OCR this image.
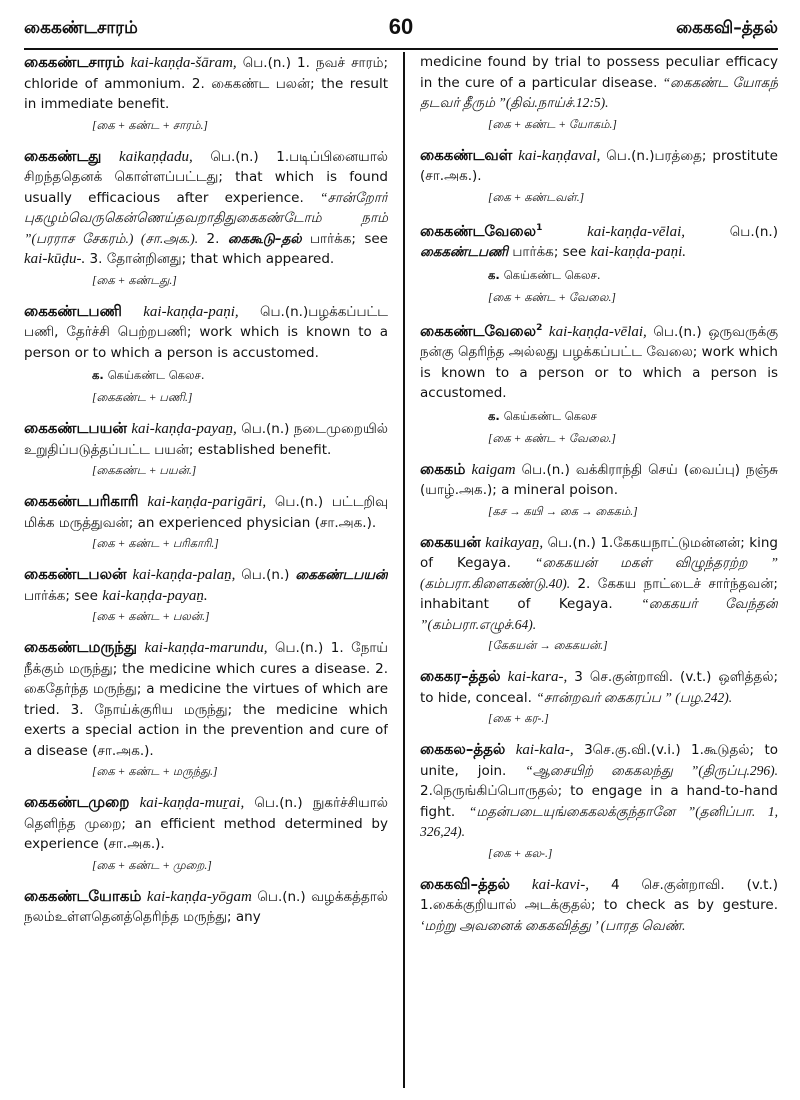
கைகண்டசாரம்	60	கைகவி–த்தல்

கைகண்டசாரம் kai-kaṇḍa-šāram, பெ.(n.) 1. நவச் சாரம்; chloride of ammonium. 2. கைகண்ட பலன்; the result in immediate benefit.

[கை + கண்ட + சாரம்.]

கைகண்டது kaikaṇḍadu, பெ.(n.) 1.படிப்பினையால் சிறந்ததெனக் கொள்ளப்பட்டது; that which is found usually efficacious after experience. “சான்றோர் புகழும்வெருகென்ணெய்தவறாதிதுகைகண்டோம் நாம் ”(பரராச சேகரம்.) (சா.அக.). 2. கைகூடு–தல் பார்க்க; see kai-kūḍu-. 3. தோன்றினது; that which appeared.

[கை + கண்டது.]

கைகண்டபணி kai-kaṇḍa-paṇi, பெ.(n.)பழக்கப்பட்ட பணி, தேர்ச்சி பெற்றபணி; work which is known to a person or to which a person is accustomed.

க. கெய்கண்ட கெலச.
[கைகண்ட + பணி.]

கைகண்டபயன் kai-kaṇḍa-payaṉ, பெ.(n.) நடைமுறையில் உறுதிப்படுத்தப்பட்ட பயன்; established benefit.

[கைகண்ட + பயன்.]

கைகண்டபரிகாரி kai-kaṇḍa-parigāri, பெ.(n.) பட்டறிவு மிக்க மருத்துவன்; an experienced physician (சா.அக.).

[கை + கண்ட + பரிகாரி.]

கைகண்டபலன் kai-kaṇḍa-palaṉ, பெ.(n.) கைகண்டபயன் பார்க்க; see kai-kaṇḍa-payaṉ.

[கை + கண்ட + பலன்.]

கைகண்டமருந்து kai-kaṇḍa-marundu, பெ.(n.) 1. நோய் நீக்கும் மருந்து; the medicine which cures a disease. 2. கைதேர்ந்த மருந்து; a medicine the virtues of which are tried. 3. நோய்க்குரிய மருந்து; the medicine which exerts a special action in the prevention and cure of a disease (சா.அக.).

[கை + கண்ட + மருந்து.]

கைகண்டமுறை kai-kaṇḍa-muṟai, பெ.(n.) நுகர்ச்சியால் தெளிந்த முறை; an efficient method determined by experience (சா.அக.).

[கை + கண்ட + முறை.]

கைகண்டயோகம் kai-kaṇḍa-yōgam பெ.(n.) வழக்கத்தால் நலம்உள்ளதெனத்தெரிந்த மருந்து; any

medicine found by trial to possess peculiar efficacy in the cure of a particular disease. “கைகண்ட யோகந் தடவர் தீரும் ”(திவ்.நாய்ச்.12:5).

[கை + கண்ட + யோகம்.]

கைகண்டவள் kai-kaṇḍaval, பெ.(n.)பரத்தை; prostitute (சா.அக.).

[கை + கண்டவள்.]

கைகண்டவேலை$^1$	kai-kaṇḍa-vēlai,	பெ.(n.) கைகண்டபணி பார்க்க; see kai-kaṇḍa-paṇi.

க. கெய்கண்ட கெலச.
[கை + கண்ட + வேலை.]

கைகண்டவேலை$^2$ kai-kaṇḍa-vēlai, பெ.(n.) ஒருவருக்கு நன்கு தெரிந்த அல்லது பழக்கப்பட்ட வேலை; work which is known to a person or to which a person is accustomed.

க. கெய்கண்ட கெலச
[கை + கண்ட + வேலை.]

கைகம் kaigam பெ.(n.) வக்கிராந்தி செய் (வைப்பு) நஞ்சு (யாழ்.அக.); a mineral poison.

[கச → கயி → கை → கைகம்.]

கைகயன் kaikayaṉ, பெ.(n.) 1.கேகயநாட்டுமன்னன்; king of Kegaya. “கைகயன் மகள் விழுந்தரற்ற ” (கம்பரா.கிளைகண்டு.40). 2. கேகய நாட்டைச் சார்ந்தவன்; inhabitant of Kegaya. “கைகயர் வேந்தன் ”(கம்பரா.எழுச்.64).

[கேகயன் → கைகயன்.]

கைகர–த்தல் kai-kara-, 3 செ.குன்றாவி. (v.t.) ஒளித்தல்; to hide, conceal. “சான்றவர் கைகரப்ப ” (பழ.242).

[கை + கர-.]

கைகல–த்தல் kai-kala-, 3செ.கு.வி.(v.i.) 1.கூடுதல்; to unite, join. “ஆசையிற் கைகலந்து ”(திருப்பு.296). 2.நெருங்கிப்பொருதல்; to engage in a hand-to-hand fight. “மதன்படையுங்கைகலக்குந்தானே ”(தனிப்பா. 1, 326,24).

[கை + கல-.]

கைகவி–த்தல் kai-kavi-, 4 செ.குன்றாவி. (v.t.) 1.கைக்குறியால் அடக்குதல்; to check as by gesture. ‘மற்று அவனைக் கைகவித்து ’ (பாரத வெண்.
